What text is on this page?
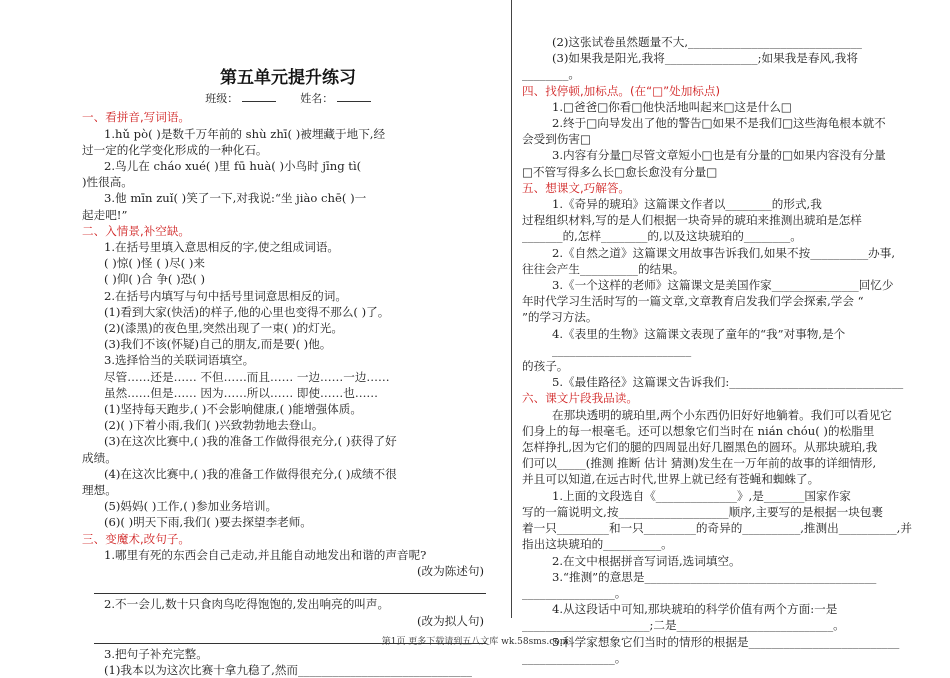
第五单元提升练习
班级：	姓名：
一、看拼音,写词语。
1.hǔ pò( )是数千万年前的 shù zhī( )被埋藏于地下,经
过一定的化学变化形成的一种化石。
2.鸟儿在 cháo xué( )里 fū huà( )小鸟时 jīng tì(
)性很高。
3.他 mīn zuǐ( )笑了一下,对我说:“坐 jiào chē( )一
起走吧!”
二、入情景,补空缺。
1.在括号里填入意思相反的字,使之组成词语。
( )惊( )怪 ( )尽( )来
( )仰( )合 争( )恐( )
2.在括号内填写与句中括号里词意思相反的词。
(1)看到大家(快活)的样子,他的心里也变得不那么( )了。
(2)(漆黑)的夜色里,突然出现了一束( )的灯光。
(3)我们不该(怀疑)自己的朋友,而是要( )他。
3.选择恰当的关联词语填空。
尽管……还是…… 不但……而且…… 一边……一边……
虽然……但是…… 因为……所以…… 即使……也……
(1)坚持每天跑步,( )不会影响健康,( )能增强体质。
(2)( )下着小雨,我们( )兴致勃勃地去登山。
(3)在这次比赛中,( )我的准备工作做得很充分,( )获得了好
成绩。
(4)在这次比赛中,( )我的准备工作做得很充分,( )成绩不很
理想。
(5)妈妈( )工作,( )参加业务培训。
(6)( )明天下雨,我们( )要去探望李老师。
三、变魔术,改句子。
1.哪里有死的东西会自己走动,并且能自动地发出和谐的声音呢?
(改为陈述句)
2.不一会儿,数十只食肉鸟吃得饱饱的,发出响亮的叫声。
(改为拟人句)
3.把句子补充完整。
(1)我本以为这次比赛十拿九稳了,然而______________________________
(2)这张试卷虽然题量不大,______________________________
(3)如果我是阳光,我将________________;如果我是春风,我将
________。
四、找停顿,加标点。(在“□”处加标点)
1.□爸爸□你看□他快活地叫起来□这是什么□
2.终于□向导发出了他的警告□如果不是我们□这些海龟根本就不
会受到伤害□
3.内容有分量□尽管文章短小□也是有分量的□如果内容没有分量
□不管写得多么长□愈长愈没有分量□
五、想课文,巧解答。
1.《奇异的琥珀》这篇课文作者以________的形式,我
过程组织材料,写的是人们根据一块奇异的琥珀来推测出琥珀是怎样
_______的,怎样________的,以及这块琥珀的________。
2.《自然之道》这篇课文用故事告诉我们,如果不按__________办事,
往往会产生__________的结果。
3.《一个这样的老师》这篇课文是美国作家_______________回忆少
年时代学习生活时写的一篇文章,文章教育启发我们学会探索,学会 “
”的学习方法。
4.《表里的生物》这篇课文表现了童年的“我”对事物,是个________________________
的孩子。
5.《最佳路径》这篇课文告诉我们:______________________________
六、课文片段我品读。
在那块透明的琥珀里,两个小东西仍旧好好地躺着。我们可以看见它
们身上的每一根毫毛。还可以想象它们当时在 nián chóu( )的松脂里
怎样挣扎,因为它们的腿的四周显出好几圈黑色的圆环。从那块琥珀,我
们可以_____(推测 推断 估计 猜测)发生在一万年前的故事的详细情形,
并且可以知道,在远古时代,世界上就已经有苍蝇和蜘蛛了。
1.上面的文段选自《______________》,是_______国家作家
写的一篇说明文,按___________________顺序,主要写的是根据一块包裹
着一只_________和一只_________的奇异的__________,推测出__________,并
指出这块琥珀的__________。
2.在文中根据拼音写词语,选词填空。
3.“推测”的意思是________________________________________
________________。
4.从这段话中可知,那块琥珀的科学价值有两个方面:一是
______________________;二是___________________________。
5.科学家想象它们当时的情形的根据是__________________________
________________。
第1页 更多下载请到五八文库 wk.58sms.com
